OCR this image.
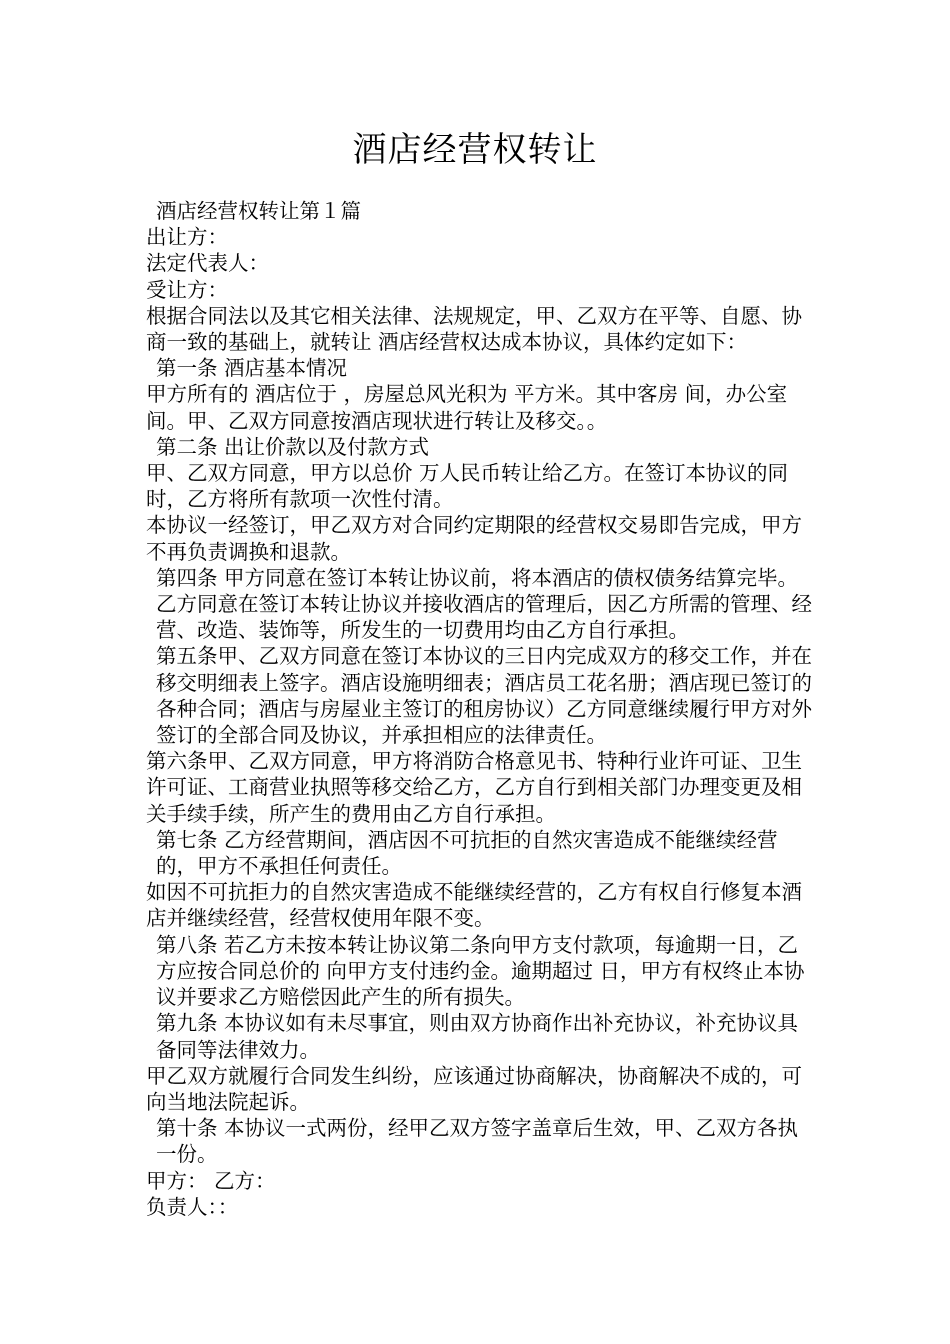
酒店经营权转让

酒店经营权转让第１篇

出让方：

法定代表人：

受让方：

根据合同法以及其它相关法律、法规规定，甲、乙双方在平等、自愿、协商一致的基础上，就转让 酒店经营权达成本协议，具体约定如下：

第一条 酒店基本情况

甲方所有的 酒店位于 ，房屋总风光积为 平方米。其中客房 间，办公室 间。甲、乙双方同意按酒店现状进行转让及移交。。

第二条 出让价款以及付款方式

甲、乙双方同意，甲方以总价 万人民币转让给乙方。在签订本协议的同时，乙方将所有款项一次性付清。

本协议一经签订，甲乙双方对合同约定期限的经营权交易即告完成，甲方不再负责调换和退款。

第四条 甲方同意在签订本转让协议前，将本酒店的债权债务结算完毕。乙方同意在签订本转让协议并接收酒店的管理后，因乙方所需的管理、经营、改造、装饰等，所发生的一切费用均由乙方自行承担。

第五条甲、乙双方同意在签订本协议的三日内完成双方的移交工作，并在移交明细表上签字。酒店设施明细表；酒店员工花名册；酒店现已签订的各种合同；酒店与房屋业主签订的租房协议）乙方同意继续履行甲方对外签订的全部合同及协议，并承担相应的法律责任。

第六条甲、乙双方同意，甲方将消防合格意见书、特种行业许可证、卫生许可证、工商营业执照等移交给乙方，乙方自行到相关部门办理变更及相关手续手续，所产生的费用由乙方自行承担。

第七条 乙方经营期间，酒店因不可抗拒的自然灾害造成不能继续经营的，甲方不承担任何责任。

如因不可抗拒力的自然灾害造成不能继续经营的，乙方有权自行修复本酒店并继续经营，经营权使用年限不变。

第八条 若乙方未按本转让协议第二条向甲方支付款项，每逾期一日，乙方应按合同总价的 向甲方支付违约金。逾期超过 日，甲方有权终止本协议并要求乙方赔偿因此产生的所有损失。

第九条 本协议如有未尽事宜，则由双方协商作出补充协议，补充协议具备同等法律效力。

甲乙双方就履行合同发生纠纷，应该通过协商解决，协商解决不成的，可向当地法院起诉。

第十条 本协议一式两份，经甲乙双方签字盖章后生效，甲、乙双方各执一份。

甲方： 乙方：

负责人：：
